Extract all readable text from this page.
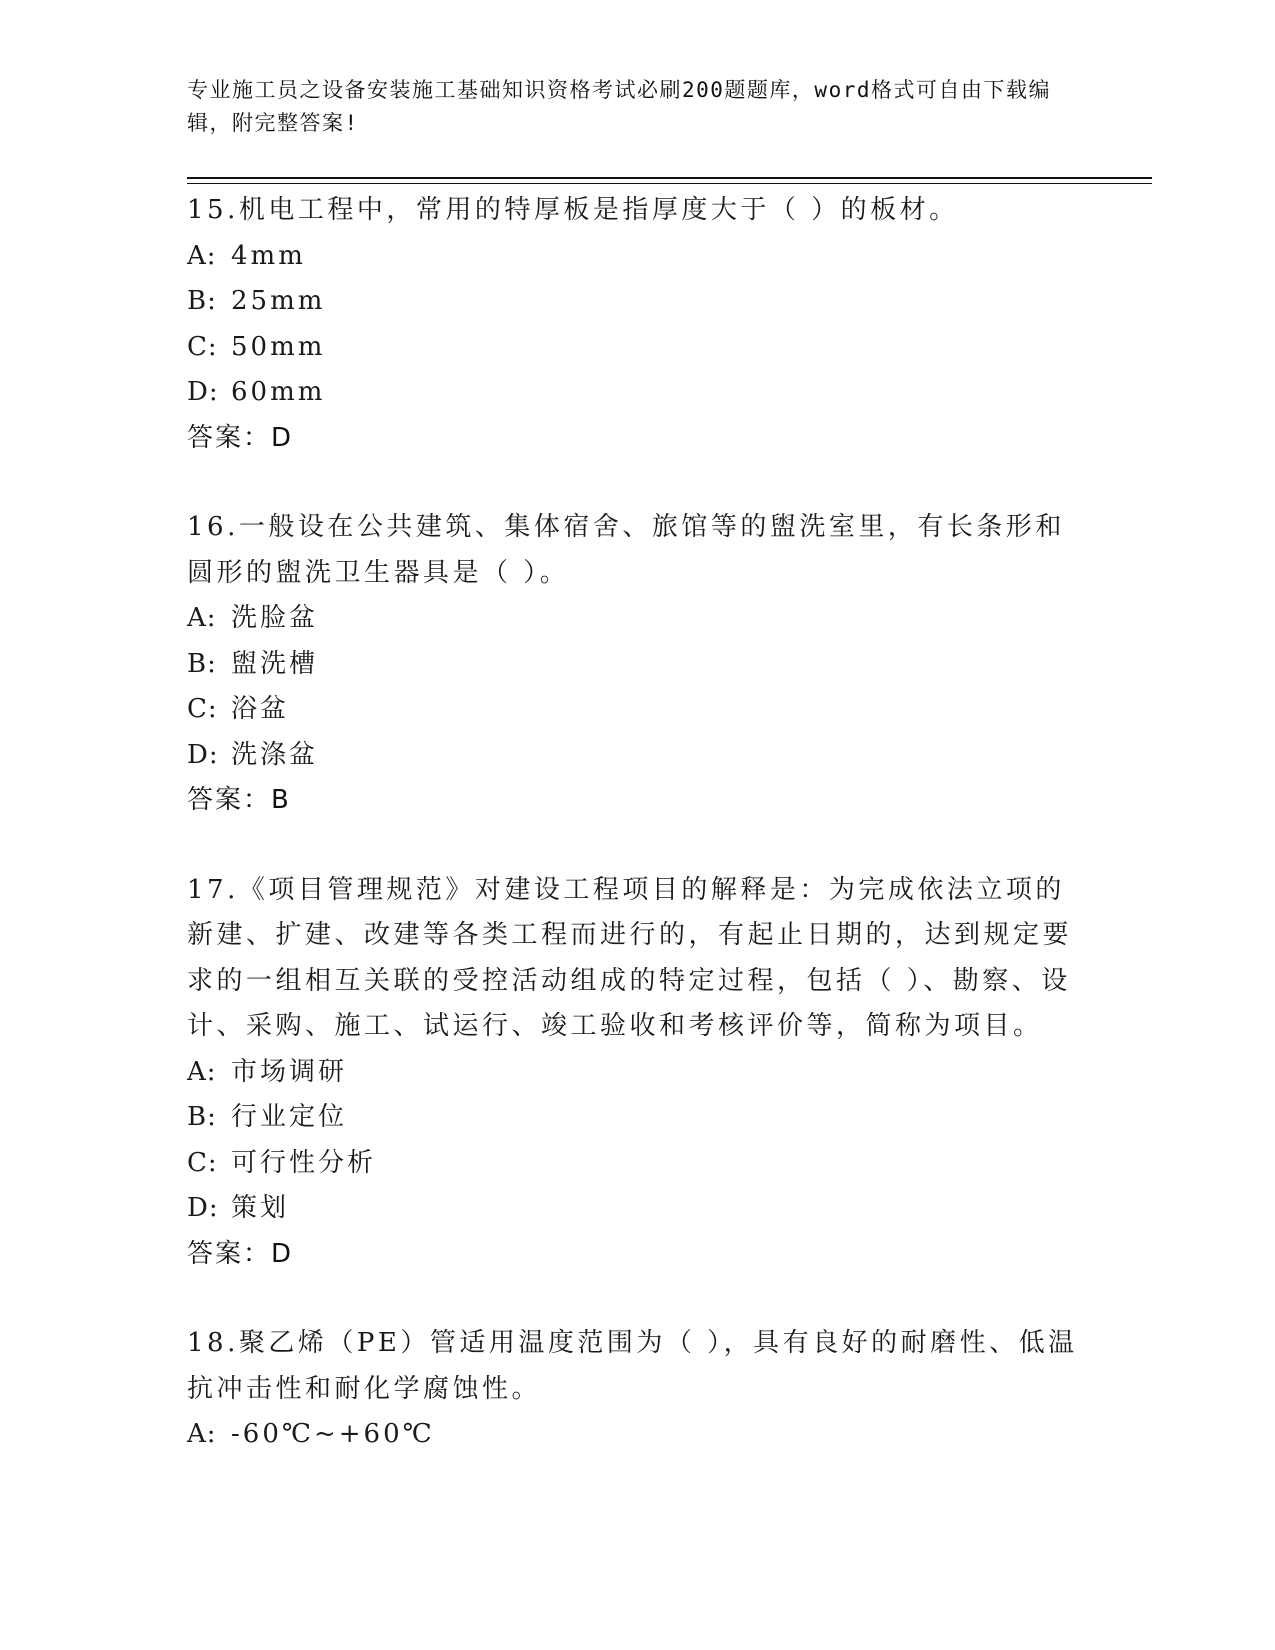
专业施工员之设备安装施工基础知识资格考试必刷200题题库，word格式可自由下载编辑，附完整答案!

15.机电工程中，常用的特厚板是指厚度大于（ ）的板材。

A: 4mm

B: 25mm

C: 50mm

D: 60mm

答案：D

16.一般设在公共建筑、集体宿舍、旅馆等的盥洗室里，有长条形和圆形的盥洗卫生器具是（ ）。

A: 洗脸盆

B: 盥洗槽

C: 浴盆

D: 洗涤盆

答案：B

17.《项目管理规范》对建设工程项目的解释是：为完成依法立项的新建、扩建、改建等各类工程而进行的，有起止日期的，达到规定要求的一组相互关联的受控活动组成的特定过程，包括（ ）、勘察、设计、采购、施工、试运行、竣工验收和考核评价等，简称为项目。

A: 市场调研

B: 行业定位

C: 可行性分析

D: 策划

答案：D

18.聚乙烯（PE）管适用温度范围为（ ），具有良好的耐磨性、低温抗冲击性和耐化学腐蚀性。

A: -60℃~+60℃
